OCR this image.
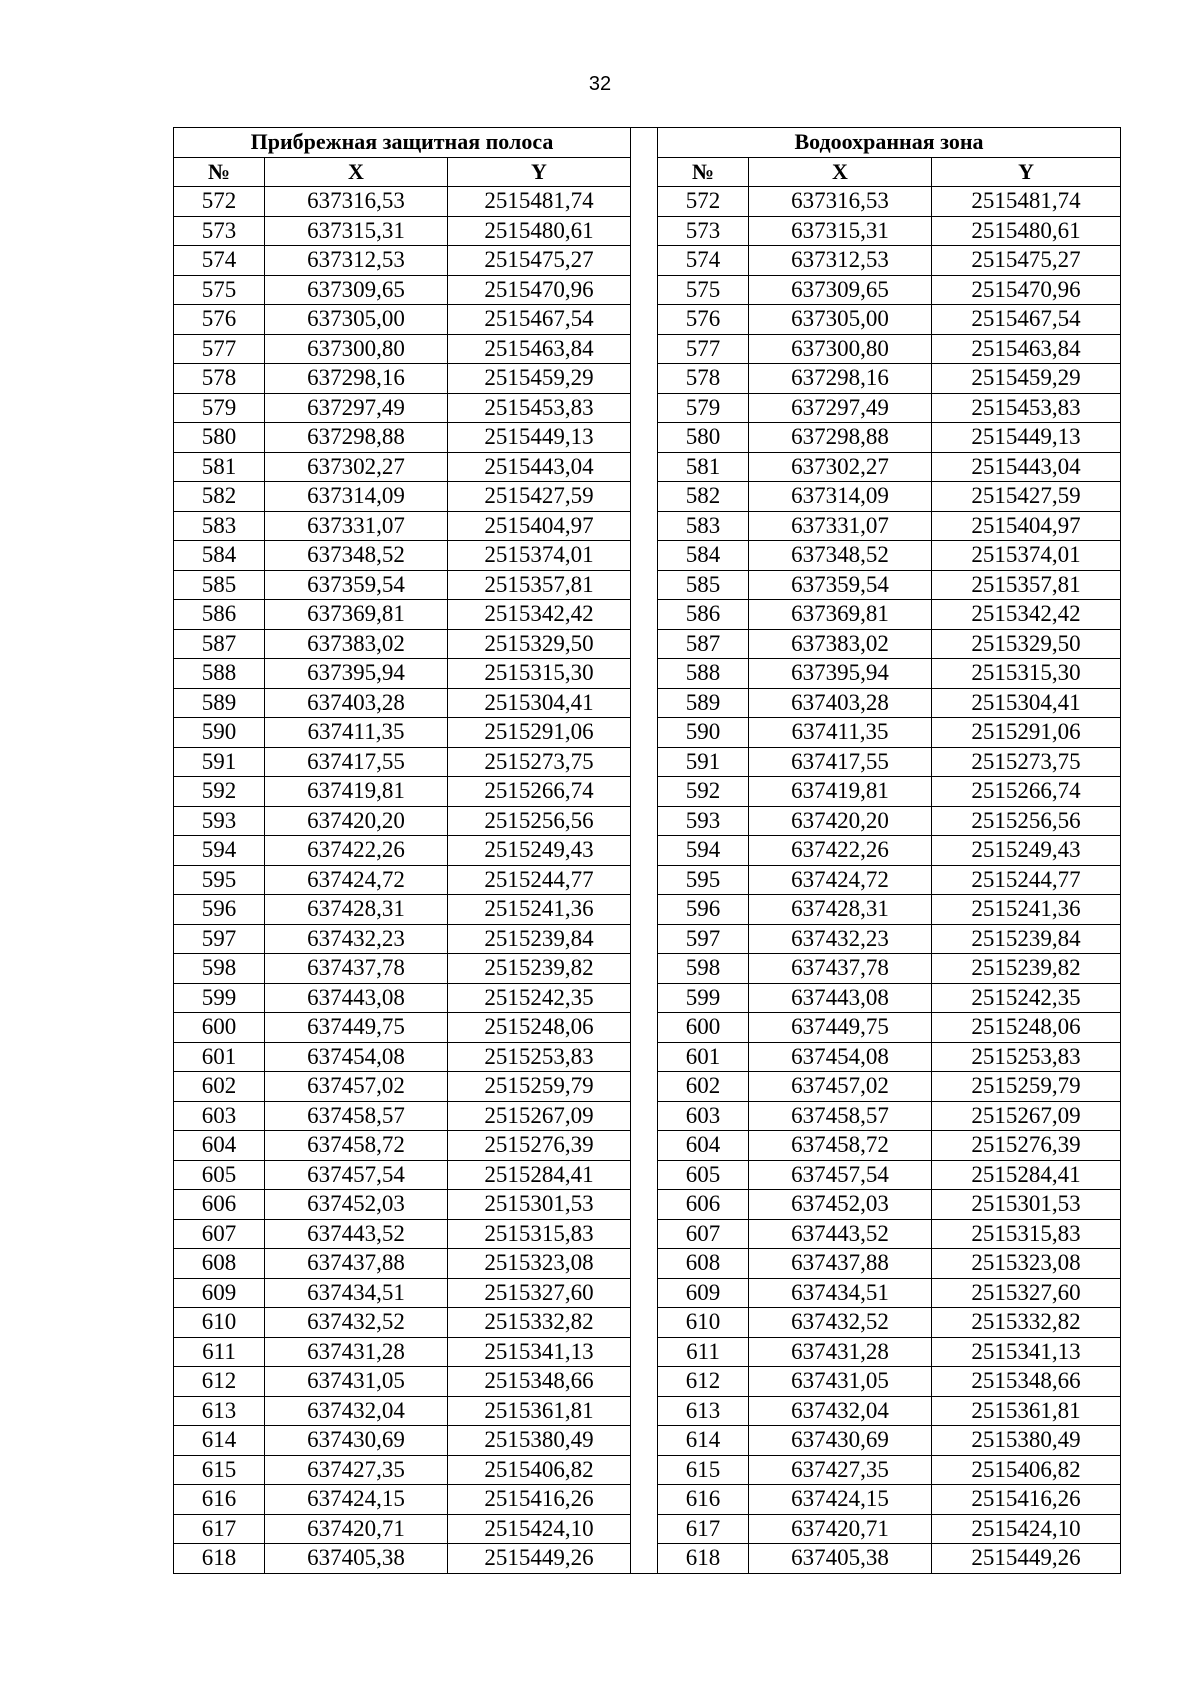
32
Прибрежная защитная полоса				Водоохранная зона		
№	X	Y		№	X	Y
572	637316,53	2515481,74		572	637316,53	2515481,74
573	637315,31	2515480,61		573	637315,31	2515480,61
574	637312,53	2515475,27		574	637312,53	2515475,27
575	637309,65	2515470,96		575	637309,65	2515470,96
576	637305,00	2515467,54		576	637305,00	2515467,54
577	637300,80	2515463,84		577	637300,80	2515463,84
578	637298,16	2515459,29		578	637298,16	2515459,29
579	637297,49	2515453,83		579	637297,49	2515453,83
580	637298,88	2515449,13		580	637298,88	2515449,13
581	637302,27	2515443,04		581	637302,27	2515443,04
582	637314,09	2515427,59		582	637314,09	2515427,59
583	637331,07	2515404,97		583	637331,07	2515404,97
584	637348,52	2515374,01		584	637348,52	2515374,01
585	637359,54	2515357,81		585	637359,54	2515357,81
586	637369,81	2515342,42		586	637369,81	2515342,42
587	637383,02	2515329,50		587	637383,02	2515329,50
588	637395,94	2515315,30		588	637395,94	2515315,30
589	637403,28	2515304,41		589	637403,28	2515304,41
590	637411,35	2515291,06		590	637411,35	2515291,06
591	637417,55	2515273,75		591	637417,55	2515273,75
592	637419,81	2515266,74		592	637419,81	2515266,74
593	637420,20	2515256,56		593	637420,20	2515256,56
594	637422,26	2515249,43		594	637422,26	2515249,43
595	637424,72	2515244,77		595	637424,72	2515244,77
596	637428,31	2515241,36		596	637428,31	2515241,36
597	637432,23	2515239,84		597	637432,23	2515239,84
598	637437,78	2515239,82		598	637437,78	2515239,82
599	637443,08	2515242,35		599	637443,08	2515242,35
600	637449,75	2515248,06		600	637449,75	2515248,06
601	637454,08	2515253,83		601	637454,08	2515253,83
602	637457,02	2515259,79		602	637457,02	2515259,79
603	637458,57	2515267,09		603	637458,57	2515267,09
604	637458,72	2515276,39		604	637458,72	2515276,39
605	637457,54	2515284,41		605	637457,54	2515284,41
606	637452,03	2515301,53		606	637452,03	2515301,53
607	637443,52	2515315,83		607	637443,52	2515315,83
608	637437,88	2515323,08		608	637437,88	2515323,08
609	637434,51	2515327,60		609	637434,51	2515327,60
610	637432,52	2515332,82		610	637432,52	2515332,82
611	637431,28	2515341,13		611	637431,28	2515341,13
612	637431,05	2515348,66		612	637431,05	2515348,66
613	637432,04	2515361,81		613	637432,04	2515361,81
614	637430,69	2515380,49		614	637430,69	2515380,49
615	637427,35	2515406,82		615	637427,35	2515406,82
616	637424,15	2515416,26		616	637424,15	2515416,26
617	637420,71	2515424,10		617	637420,71	2515424,10
618	637405,38	2515449,26		618	637405,38	2515449,26
